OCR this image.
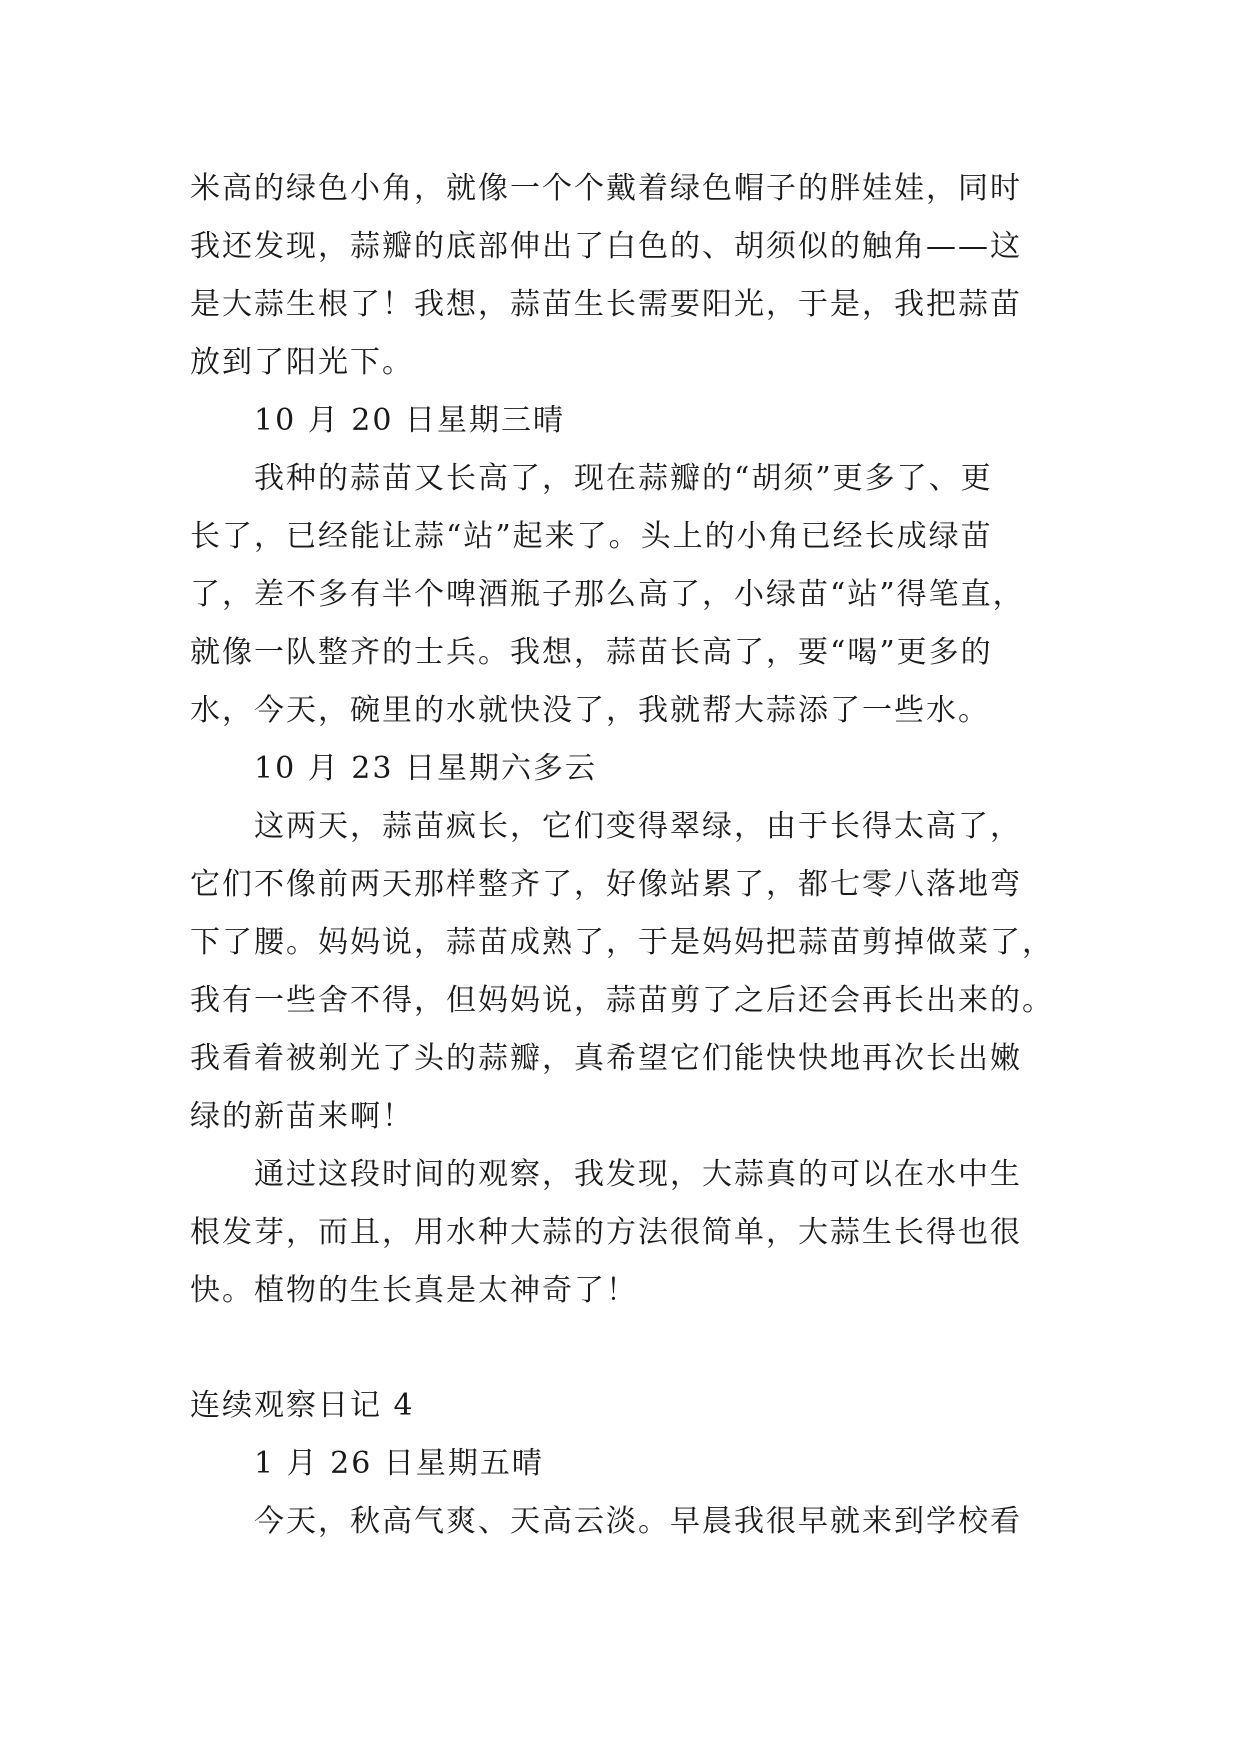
米高的绿色小角，就像一个个戴着绿色帽子的胖娃娃，同时
我还发现，蒜瓣的底部伸出了白色的、胡须似的触角——这
是大蒜生根了！我想，蒜苗生长需要阳光，于是，我把蒜苗
放到了阳光下。
10 月 20 日星期三晴
我种的蒜苗又长高了，现在蒜瓣的“胡须”更多了、更
长了，已经能让蒜“站”起来了。头上的小角已经长成绿苗
了，差不多有半个啤酒瓶子那么高了，小绿苗“站”得笔直，
就像一队整齐的士兵。我想，蒜苗长高了，要“喝”更多的
水，今天，碗里的水就快没了，我就帮大蒜添了一些水。
10 月 23 日星期六多云
这两天，蒜苗疯长，它们变得翠绿，由于长得太高了，
它们不像前两天那样整齐了，好像站累了，都七零八落地弯
下了腰。妈妈说，蒜苗成熟了，于是妈妈把蒜苗剪掉做菜了，
我有一些舍不得，但妈妈说，蒜苗剪了之后还会再长出来的。
我看着被剃光了头的蒜瓣，真希望它们能快快地再次长出嫩
绿的新苗来啊！
通过这段时间的观察，我发现，大蒜真的可以在水中生
根发芽，而且，用水种大蒜的方法很简单，大蒜生长得也很
快。植物的生长真是太神奇了！
连续观察日记 4
1 月 26 日星期五晴
今天，秋高气爽、天高云淡。早晨我很早就来到学校看
